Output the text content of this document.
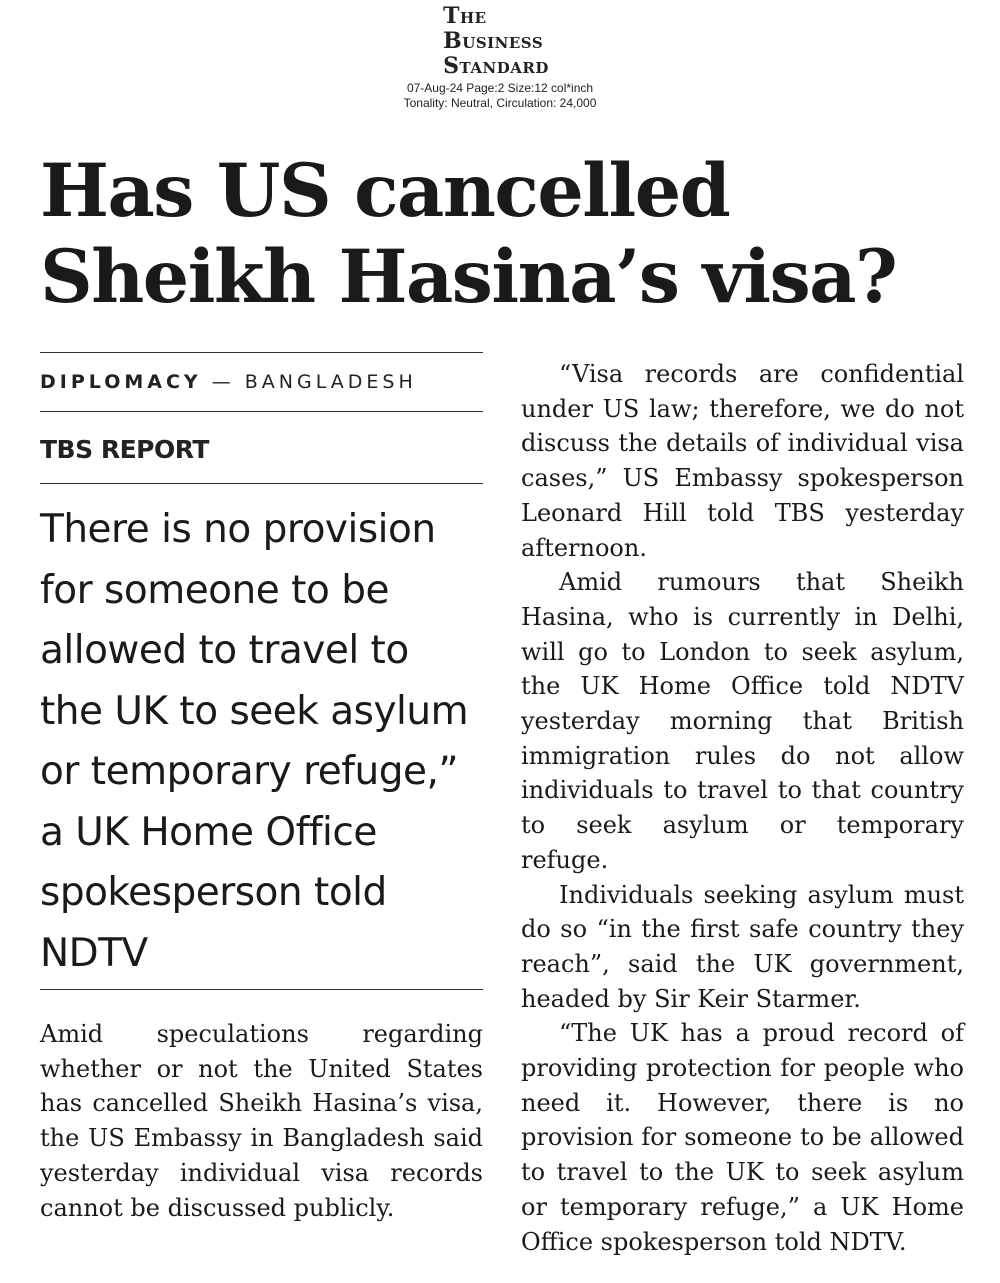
The
Business
Standard
07-Aug-24 Page:2 Size:12 col*inch
Tonality: Neutral, Circulation: 24,000
Has US cancelled
Sheikh Hasina’s visa?
DIPLOMACY — BANGLADESH
TBS REPORT

There is no provision for someone to be allowed to travel to the UK to seek asylum or temporary refuge,” a UK Home Office spokesperson told NDTV

Amid speculations regarding whether or not the United States has cancelled Sheikh Hasina’s visa, the US Embassy in Bangladesh said yesterday individual visa records cannot be discussed publicly.

“Visa records are confidential under US law; therefore, we do not discuss the details of individual visa cases,” US Embassy spokesperson Leonard Hill told TBS yesterday afternoon.

Amid rumours that Sheikh Hasina, who is currently in Delhi, will go to London to seek asylum, the UK Home Office told NDTV yesterday morning that British immigration rules do not allow individuals to travel to that country to seek asylum or temporary refuge.

Individuals seeking asylum must do so “in the first safe country they reach”, said the UK government, headed by Sir Keir Starmer.

“The UK has a proud record of providing protection for people who need it. However, there is no provision for someone to be allowed to travel to the UK to seek asylum or temporary refuge,” a UK Home Office spokesperson told NDTV.
